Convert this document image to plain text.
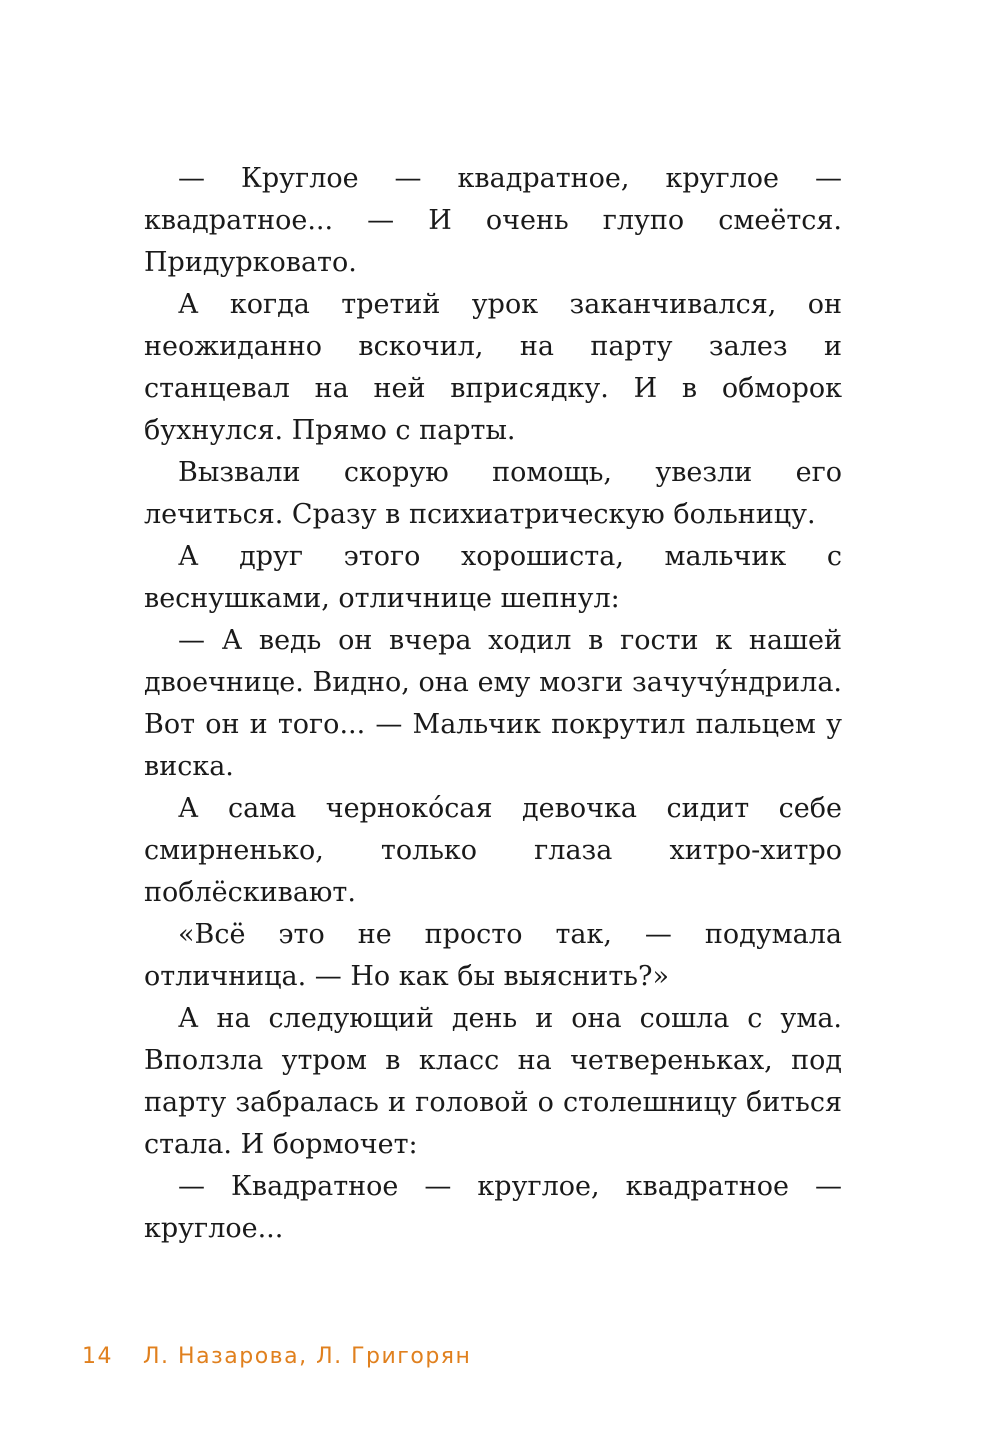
— Круглое — квадратное, круглое — квадратное... — И очень глупо смеётся. Придурковато.

А когда третий урок заканчивался, он неожиданно вскочил, на парту залез и станцевал на ней вприсядку. И в обморок бухнулся. Прямо с парты.

Вызвали скорую помощь, увезли его лечиться. Сразу в психиатрическую больницу.

А друг этого хорошиста, мальчик с веснушками, отличнице шепнул:

— А ведь он вчера ходил в гости к нашей двоечнице. Видно, она ему мозги зачучу́ндрила. Вот он и того... — Мальчик покрутил пальцем у виска.

А сама черноко́сая девочка сидит себе смирненько, только глаза хитро-хитро поблёскивают.

«Всё это не просто так, — подумала отличница. — Но как бы выяснить?»

А на следующий день и она сошла с ума. Вползла утром в класс на четвереньках, под парту забралась и головой о столешницу биться стала. И бормочет:

— Квадратное — круглое, квадратное — круглое...

14 Л. Назарова, Л. Григорян
